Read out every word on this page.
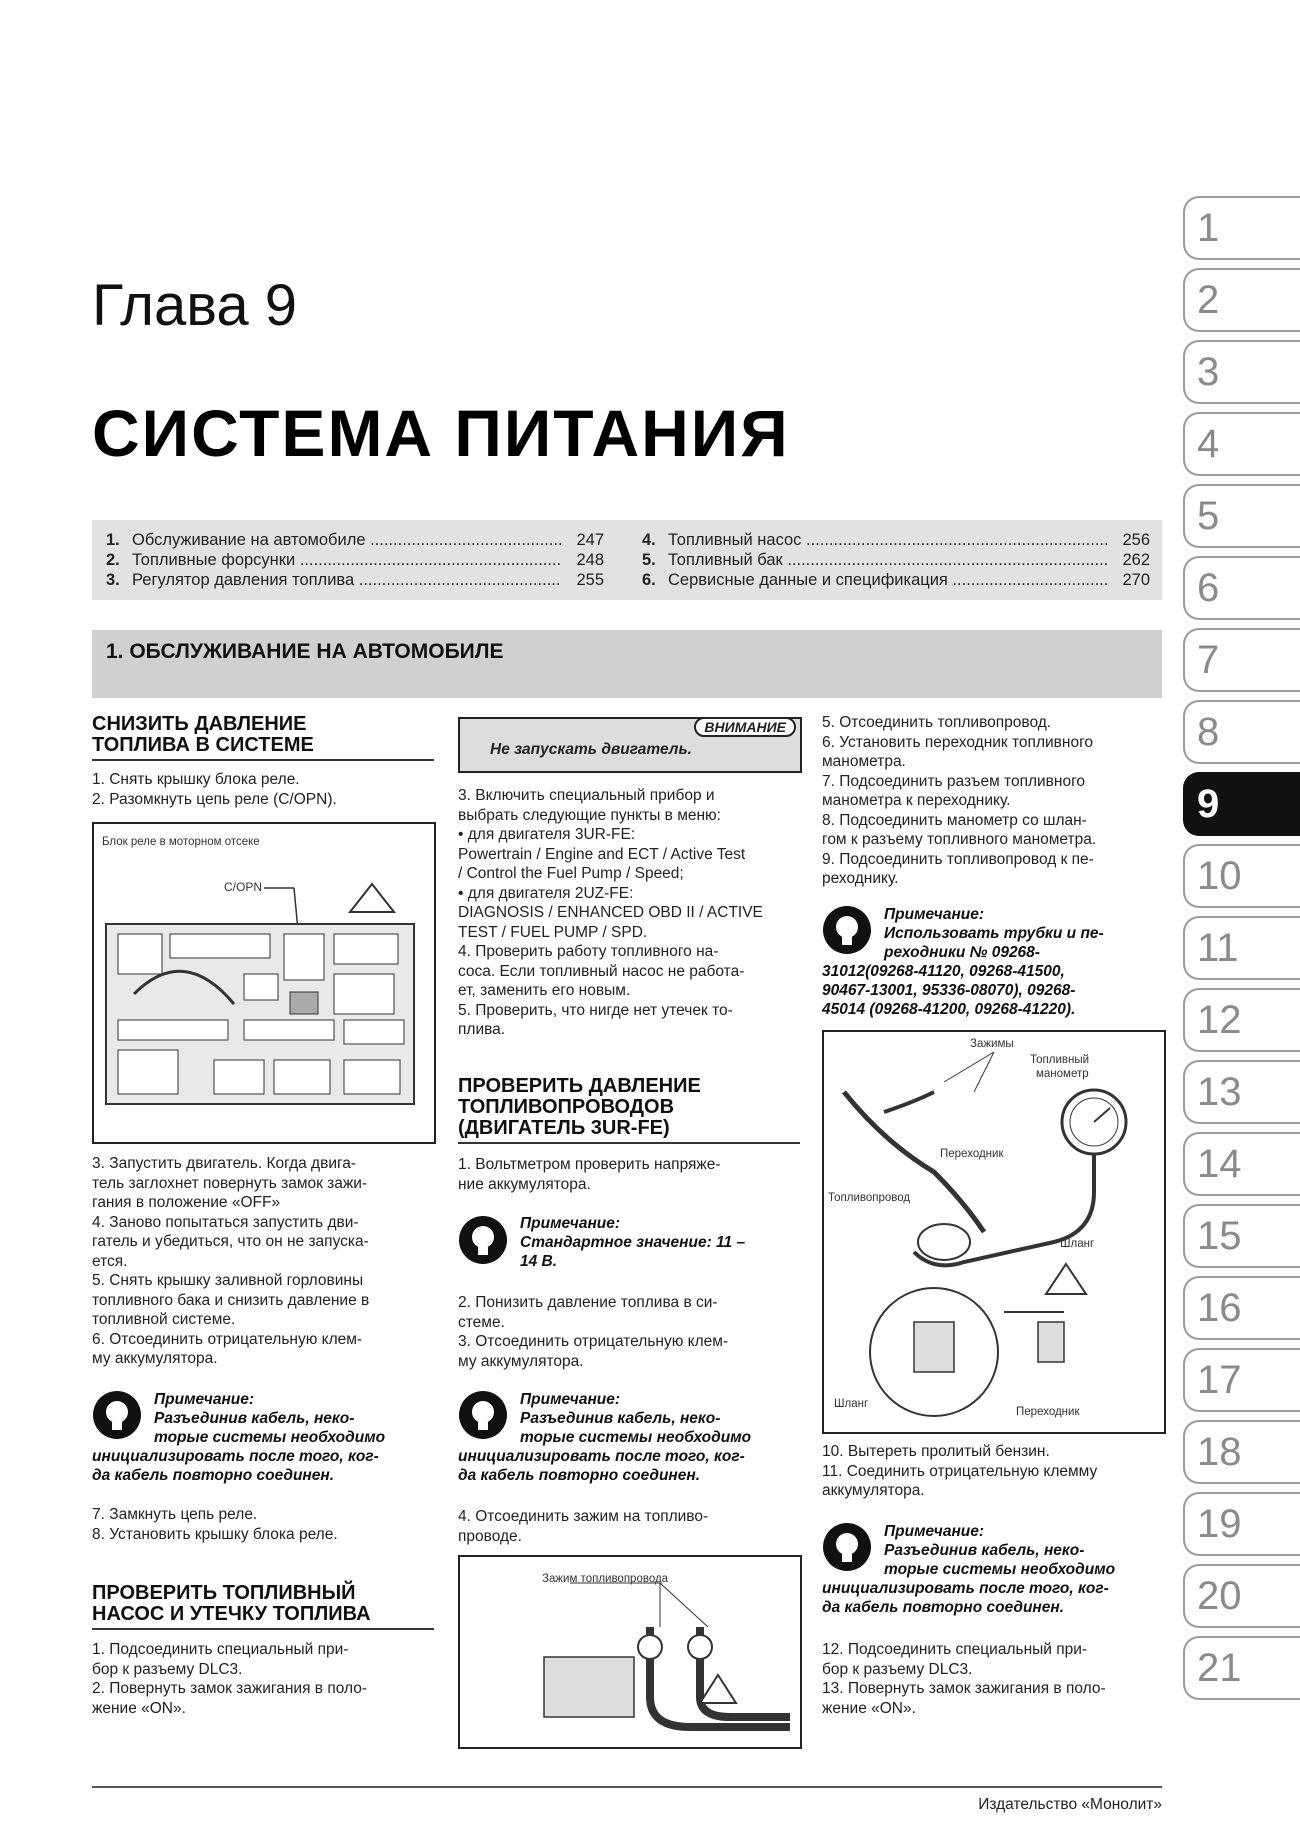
1
2
3
4
5
6
7
8
9
10
11
12
13
14
15
16
17
18
19
20
21
Глава 9
СИСТЕМА ПИТАНИЯ
1. Обслуживание на автомобиле .....	247
2. Топливные форсунки .....	248
3. Регулятор давления топлива .....	255
4. Топливный насос .....	256
5. Топливный бак .....	262
6. Сервисные данные и спецификация .....	270
1. ОБСЛУЖИВАНИЕ НА АВТОМОБИЛЕ
СНИЗИТЬ ДАВЛЕНИЕ
ТОПЛИВА В СИСТЕМЕ
1. Снять крышку блока реле.
2. Разомкнуть цепь реле (C/OPN).
Блок реле в моторном отсеке
C/OPN
3. Запустить двигатель. Когда двига-
тель заглохнет повернуть замок зажи-
гания в положение «OFF»
4. Заново попытаться запустить дви-
гатель и убедиться, что он не запуска-
ется.
5. Снять крышку заливной горловины
топливного бака и снизить давление в
топливной системе.
6. Отсоединить отрицательную клем-
му аккумулятора.
Примечание:
Разъединив кабель, неко-
торые системы необходимо
инициализировать после того, ког-
да кабель повторно соединен.
7. Замкнуть цепь реле.
8. Установить крышку блока реле.
ПРОВЕРИТЬ ТОПЛИВНЫЙ
НАСОС И УТЕЧКУ ТОПЛИВА
1. Подсоединить специальный при-
бор к разъему DLC3.
2. Повернуть замок зажигания в поло-
жение «ON».
ВНИМАНИЕ
Не запускать двигатель.
3. Включить специальный прибор и
выбрать следующие пункты в меню:
• для двигателя 3UR-FE:
Powertrain / Engine and ECT / Active Test
/ Control the Fuel Pump / Speed;
• для двигателя 2UZ-FE:
DIAGNOSIS / ENHANCED OBD II / ACTIVE
TEST / FUEL PUMP / SPD.
4. Проверить работу топливного на-
соса. Если топливный насос не работа-
ет, заменить его новым.
5. Проверить, что нигде нет утечек то-
плива.
ПРОВЕРИТЬ ДАВЛЕНИЕ
ТОПЛИВОПРОВОДОВ
(ДВИГАТЕЛЬ 3UR-FE)
1. Вольтметром проверить напряже-
ние аккумулятора.
Примечание:
Стандартное значение: 11 –
14 В.
2. Понизить давление топлива в си-
стеме.
3. Отсоединить отрицательную клем-
му аккумулятора.
Примечание:
Разъединив кабель, неко-
торые системы необходимо
инициализировать после того, ког-
да кабель повторно соединен.
4. Отсоединить зажим на топливо-
проводе.
Зажим топливопровода
5. Отсоединить топливопровод.
6. Установить переходник топливного
манометра.
7. Подсоединить разъем топливного
манометра к переходнику.
8. Подсоединить манометр со шлан-
гом к разъему топливного манометра.
9. Подсоединить топливопровод к пе-
реходнику.
Примечание:
Использовать трубки и пе-
реходники № 09268-
31012(09268-41120, 09268-41500,
90467-13001, 95336-08070), 09268-
45014 (09268-41200, 09268-41220).
Зажимы
Топливный
манометр
Переходник
Топливопровод
Шланг
Шланг
Переходник
10. Вытереть пролитый бензин.
11. Соединить отрицательную клемму
аккумулятора.
Примечание:
Разъединив кабель, неко-
торые системы необходимо
инициализировать после того, ког-
да кабель повторно соединен.
12. Подсоединить специальный при-
бор к разъему DLC3.
13. Повернуть замок зажигания в поло-
жение «ON».
Издательство «Монолит»
